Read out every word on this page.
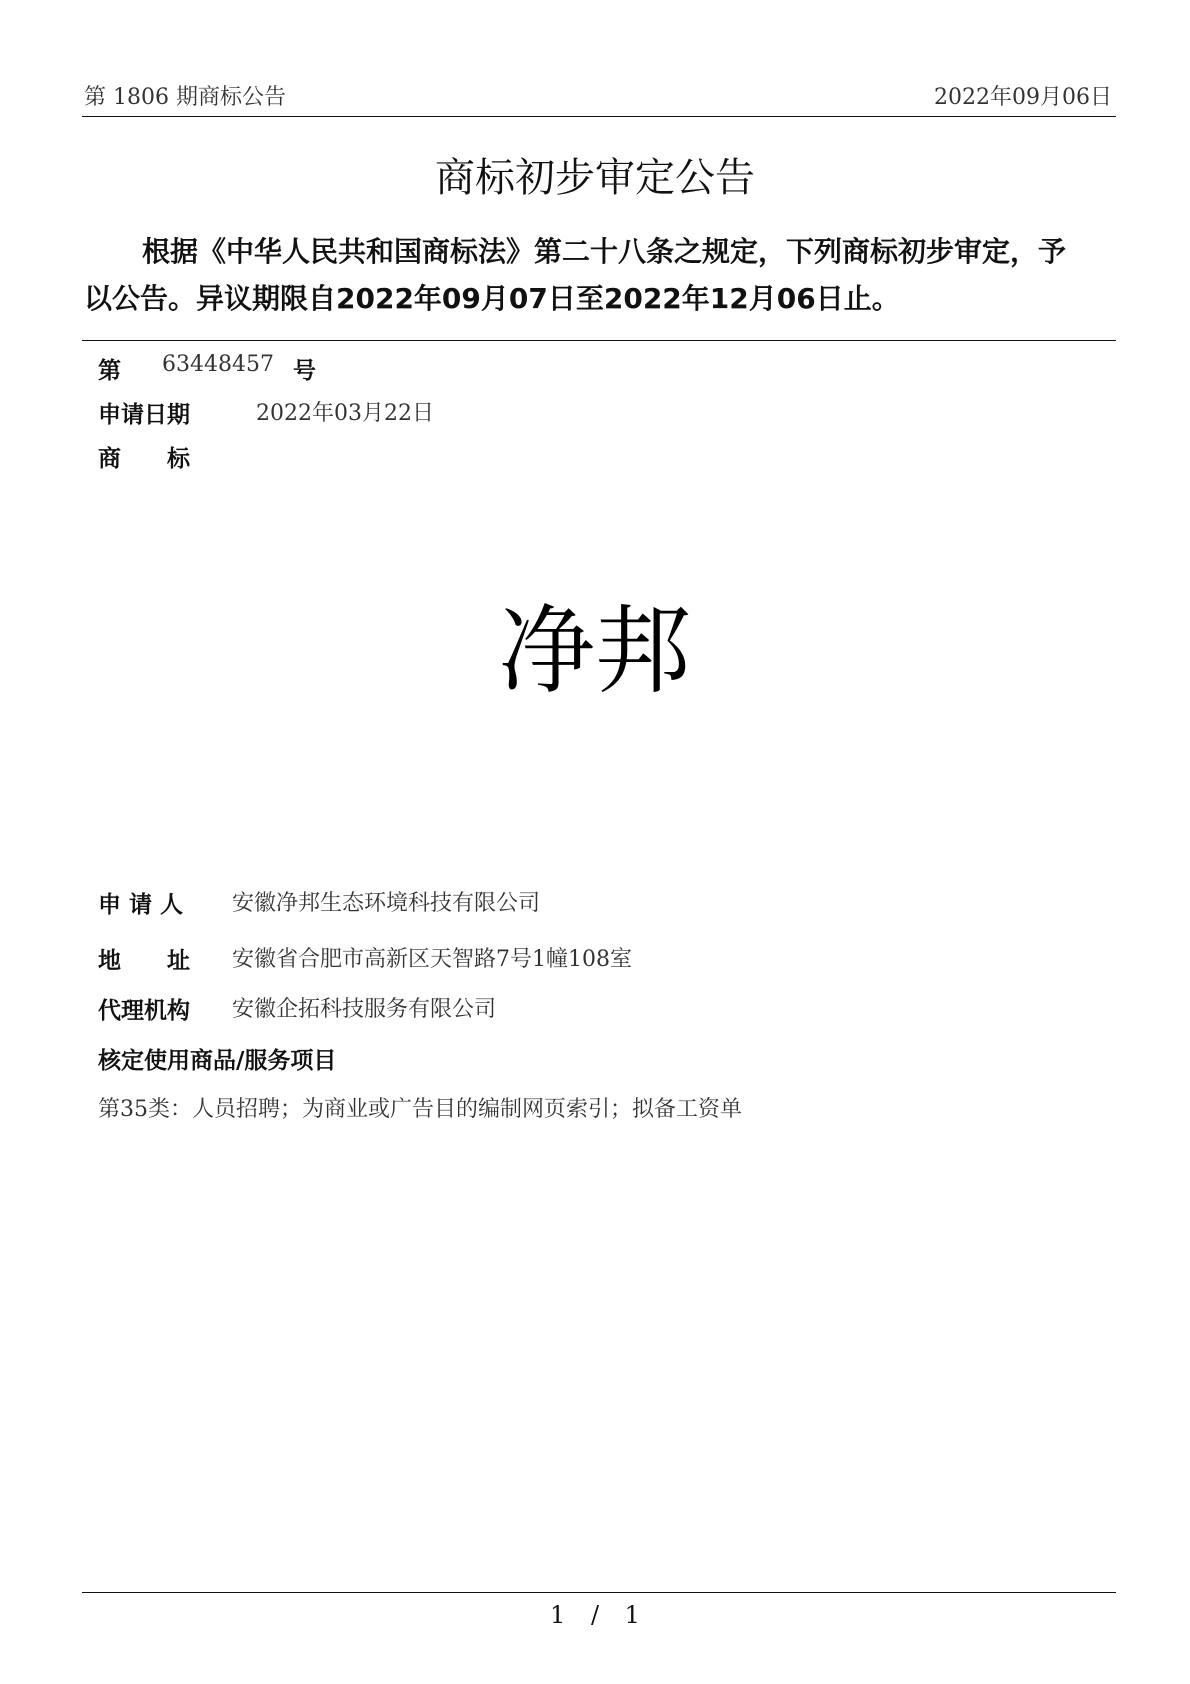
第 1806 期商标公告	2022年09月06日
商标初步审定公告
根据《中华人民共和国商标法》第二十八条之规定，下列商标初步审定，予
以公告。异议期限自2022年09月07日至2022年12月06日止。
第 63448457 号
申请日期	2022年03月22日
商　　标
净邦
申 请 人 安徽净邦生态环境科技有限公司
地　　址 安徽省合肥市高新区天智路7号1幢108室
代理机构 安徽企拓科技服务有限公司
核定使用商品/服务项目
第35类：人员招聘；为商业或广告目的编制网页索引；拟备工资单
1 / 1
